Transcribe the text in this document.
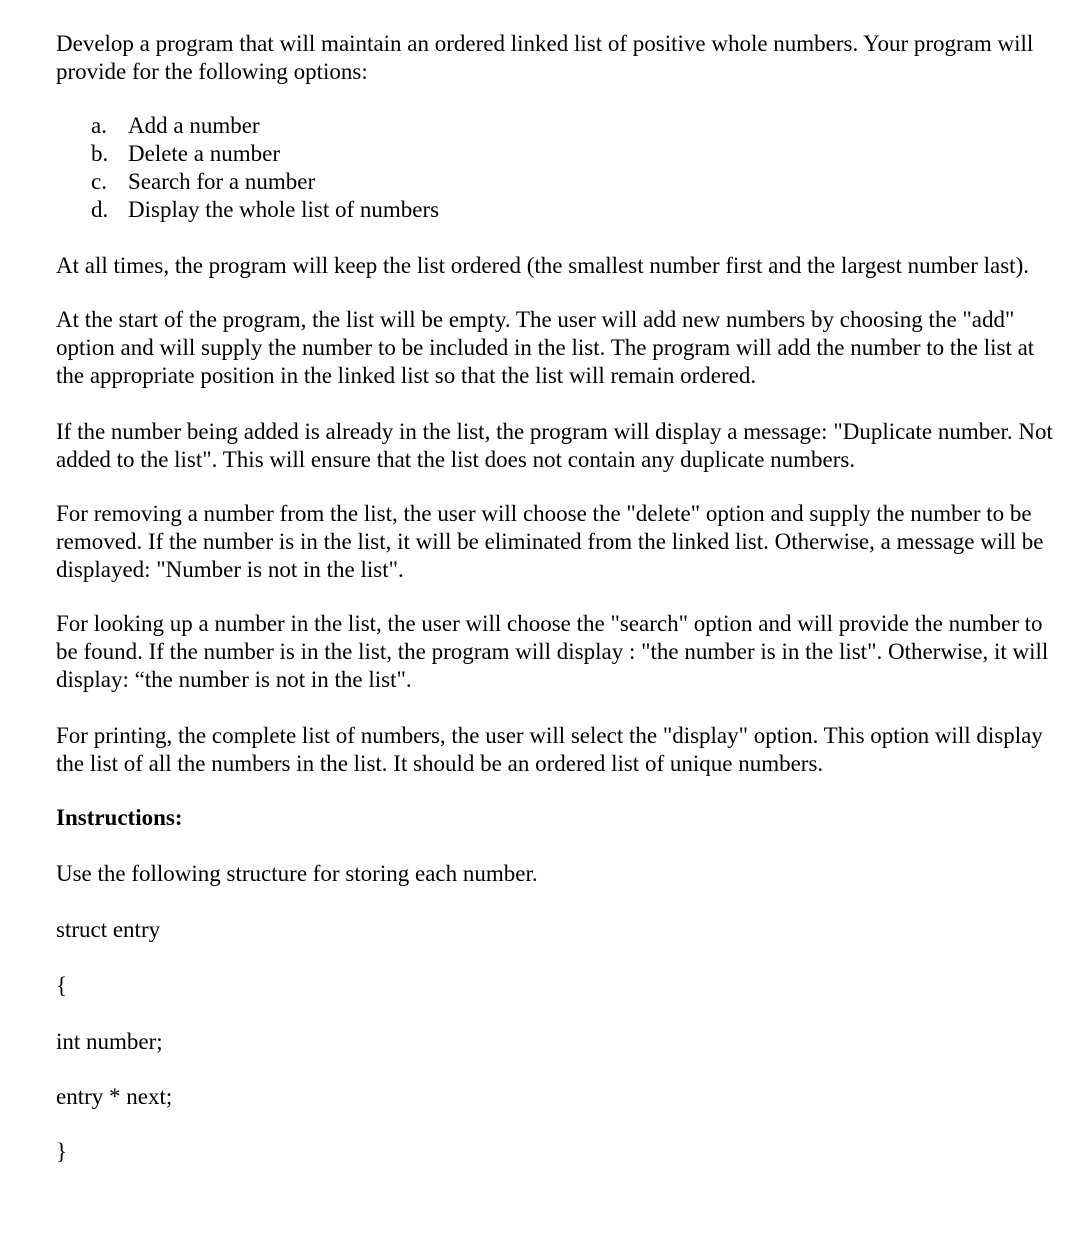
Develop a program that will maintain an ordered linked list of positive whole numbers. Your program will provide for the following options:

a. Add a number
b. Delete a number
c. Search for a number
d. Display the whole list of numbers

At all times, the program will keep the list ordered (the smallest number first and the largest number last).

At the start of the program, the list will be empty. The user will add new numbers by choosing the "add" option and will supply the number to be included in the list. The program will add the number to the list at the appropriate position in the linked list so that the list will remain ordered.

If the number being added is already in the list, the program will display a message: "Duplicate number. Not added to the list". This will ensure that the list does not contain any duplicate numbers.

For removing a number from the list, the user will choose the "delete" option and supply the number to be removed. If the number is in the list, it will be eliminated from the linked list. Otherwise, a message will be displayed: "Number is not in the list".

For looking up a number in the list, the user will choose the "search" option and will provide the number to be found. If the number is in the list, the program will display : "the number is in the list". Otherwise, it will display: “the number is not in the list".

For printing, the complete list of numbers, the user will select the "display" option. This option will display the list of all the numbers in the list. It should be an ordered list of unique numbers.

Instructions:

Use the following structure for storing each number.

struct entry

{

int number;

entry * next;

}
